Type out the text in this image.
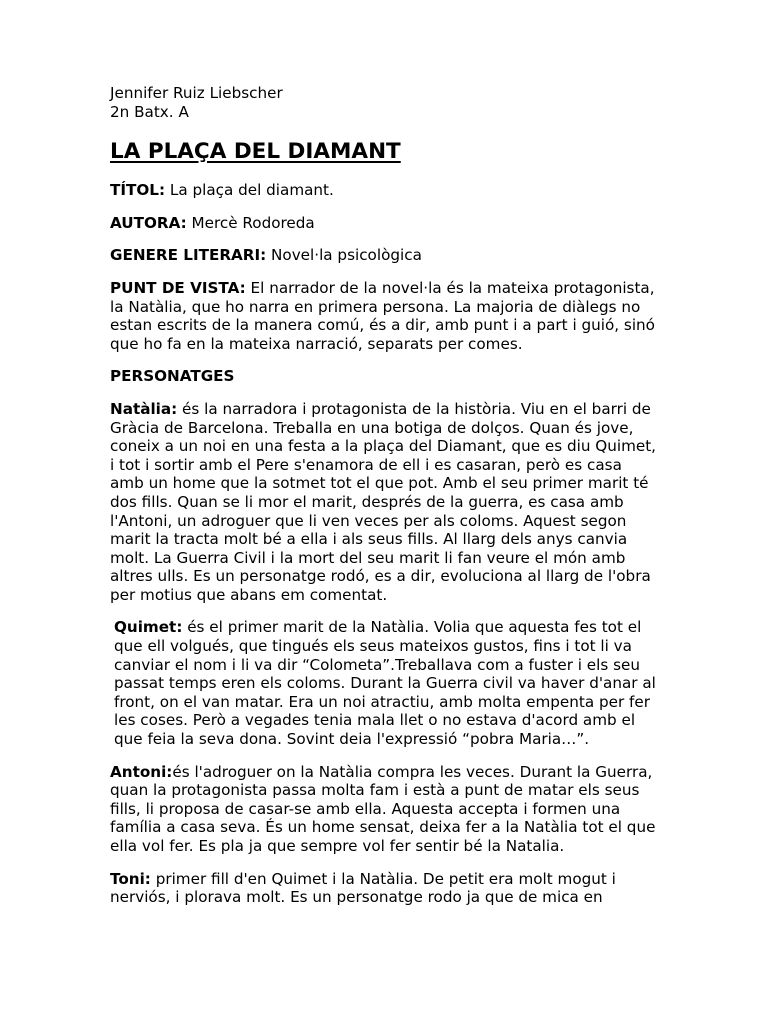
Jennifer Ruiz Liebscher

2n Batx. A

LA PLAÇA DEL DIAMANT

TÍTOL: La plaça del diamant.

AUTORA: Mercè Rodoreda

GENERE LITERARI: Novel·la psicològica

PUNT DE VISTA: El narrador de la novel·la és la mateixa protagonista, la Natàlia, que ho narra en primera persona. La majoria de diàlegs no estan escrits de la manera comú, és a dir, amb punt i a part i guió, sinó que ho fa en la mateixa narració, separats per comes.

PERSONATGES

Natàlia: és la narradora i protagonista de la història. Viu en el barri de Gràcia de Barcelona. Treballa en una botiga de dolços. Quan és jove, coneix a un noi en una festa a la plaça del Diamant, que es diu Quimet, i tot i sortir amb el Pere s'enamora de ell i es casaran, però es casa amb un home que la sotmet tot el que pot. Amb el seu primer marit té dos fills. Quan se li mor el marit, després de la guerra, es casa amb l'Antoni, un adroguer que li ven veces per als coloms. Aquest segon marit la tracta molt bé a ella i als seus fills. Al llarg dels anys canvia molt. La Guerra Civil i la mort del seu marit li fan veure el món amb altres ulls. Es un personatge rodó, es a dir, evoluciona al llarg de l'obra per motius que abans em comentat.

Quimet: és el primer marit de la Natàlia. Volia que aquesta fes tot el que ell volgués, que tingués els seus mateixos gustos, fins i tot li va canviar el nom i li va dir “Colometa”.Treballava com a fuster i els seu passat temps eren els coloms. Durant la Guerra civil va haver d'anar al front, on el van matar. Era un noi atractiu, amb molta empenta per fer les coses. Però a vegades tenia mala llet o no estava d'acord amb el que feia la seva dona. Sovint deia l'expressió “pobra Maria…”.

Antoni:és l'adroguer on la Natàlia compra les veces. Durant la Guerra, quan la protagonista passa molta fam i està a punt de matar els seus fills, li proposa de casar-se amb ella. Aquesta accepta i formen una família a casa seva. És un home sensat, deixa fer a la Natàlia tot el que ella vol fer. Es pla ja que sempre vol fer sentir bé la Natalia.

Toni: primer fill d'en Quimet i la Natàlia. De petit era molt mogut i nerviós, i plorava molt. Es un personatge rodo ja que de mica en
